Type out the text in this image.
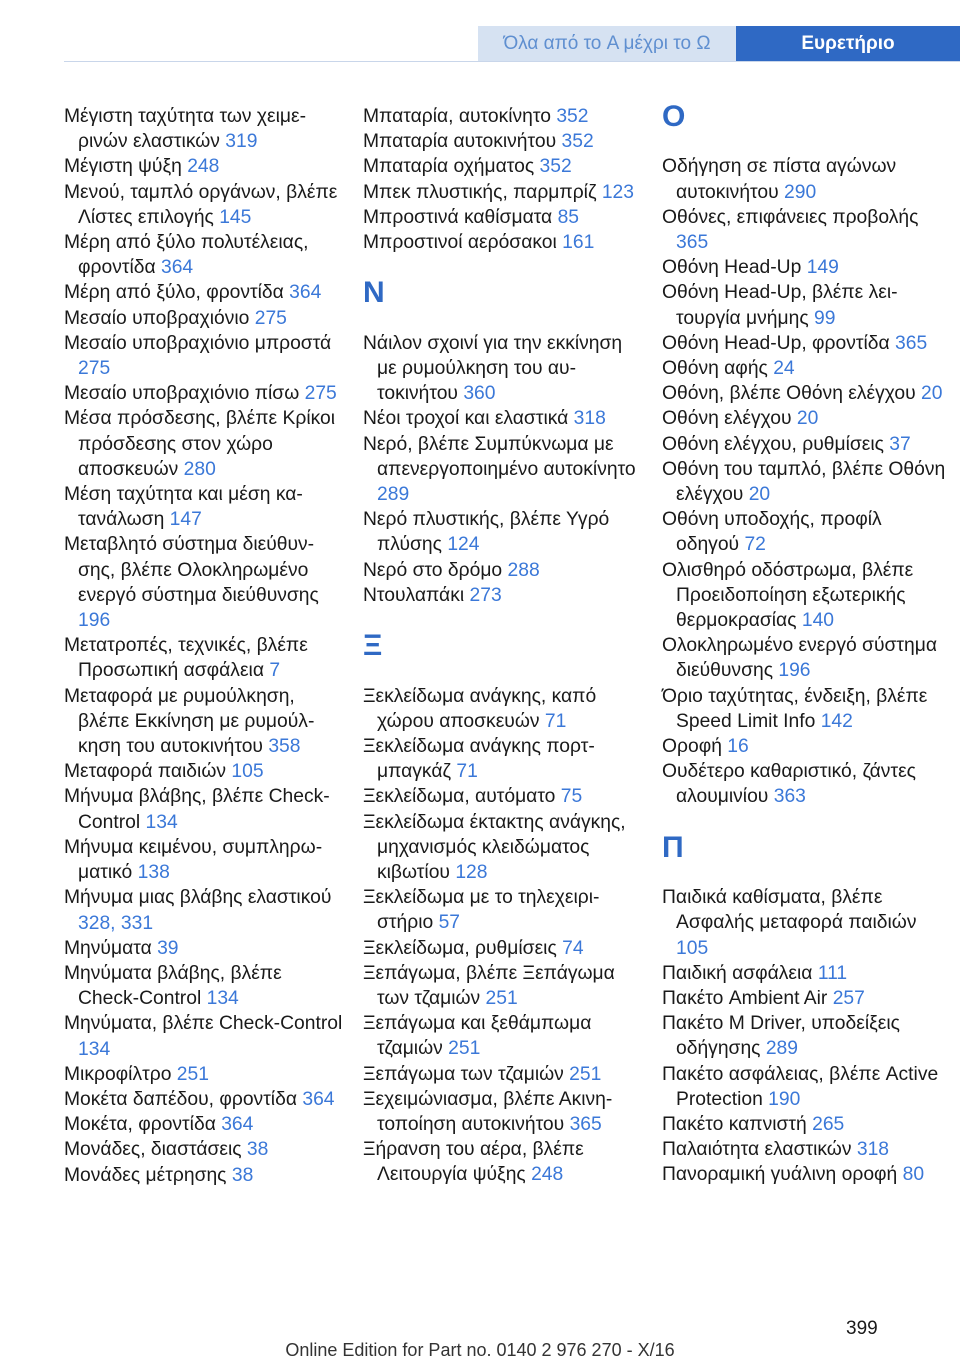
Όλα από το A μέχρι το Ω	Ευρετήριο
Μέγιστη ταχύτητα των χειμερινών ελαστικών 319
Μέγιστη ψύξη 248
Μενού, ταμπλό οργάνων, βλέπε Λίστες επιλογής 145
Μέρη από ξύλο πολυτέλειας, φροντίδα 364
Μέρη από ξύλο, φροντίδα 364
Μεσαίο υποβραχιόνιο 275
Μεσαίο υποβραχιόνιο μπροστά 275
Μεσαίο υποβραχιόνιο πίσω 275
Μέσα πρόσδεσης, βλέπε Κρίκοι πρόσδεσης στον χώρο αποσκευών 280
Μέση ταχύτητα και μέση κατανάλωση 147
Μεταβλητό σύστημα διεύθυνσης, βλέπε Ολοκληρωμένο ενεργό σύστημα διεύθυνσης 196
Μετατροπές, τεχνικές, βλέπε Προσωπική ασφάλεια 7
Μεταφορά με ρυμούλκηση, βλέπε Εκκίνηση με ρυμούλκηση του αυτοκινήτου 358
Μεταφορά παιδιών 105
Μήνυμα βλάβης, βλέπε Check-Control 134
Μήνυμα κειμένου, συμπληρωματικό 138
Μήνυμα μιας βλάβης ελαστικού 328, 331
Μηνύματα 39
Μηνύματα βλάβης, βλέπε Check-Control 134
Μηνύματα, βλέπε Check-Control 134
Μικροφίλτρο 251
Μοκέτα δαπέδου, φροντίδα 364
Μοκέτα, φροντίδα 364
Μονάδες, διαστάσεις 38
Μονάδες μέτρησης 38
Μπαταρία, αυτοκίνητο 352
Μπαταρία αυτοκινήτου 352
Μπαταρία οχήματος 352
Μπεκ πλυστικής, παρμπρίζ 123
Μπροστινά καθίσματα 85
Μπροστινοί αερόσακοι 161
Ν
Νάιλον σχοινί για την εκκίνηση με ρυμούλκηση του αυτοκινήτου 360
Νέοι τροχοί και ελαστικά 318
Νερό, βλέπε Συμπύκνωμα με απενεργοποιημένο αυτοκίνητο 289
Νερό πλυστικής, βλέπε Υγρό πλύσης 124
Νερό στο δρόμο 288
Ντουλαπάκι 273
Ξ
Ξεκλείδωμα ανάγκης, καπό χώρου αποσκευών 71
Ξεκλείδωμα ανάγκης πορτμπαγκάζ 71
Ξεκλείδωμα, αυτόματο 75
Ξεκλείδωμα έκτακτης ανάγκης, μηχανισμός κλειδώματος κιβωτίου 128
Ξεκλείδωμα με το τηλεχειριστήριο 57
Ξεκλείδωμα, ρυθμίσεις 74
Ξεπάγωμα, βλέπε Ξεπάγωμα των τζαμιών 251
Ξεπάγωμα και ξεθάμπωμα τζαμιών 251
Ξεπάγωμα των τζαμιών 251
Ξεχειμώνιασμα, βλέπε Ακινητοποίηση αυτοκινήτου 365
Ξήρανση του αέρα, βλέπε Λειτουργία ψύξης 248
Ο
Οδήγηση σε πίστα αγώνων αυτοκινήτου 290
Οθόνες, επιφάνειες προβολής 365
Οθόνη Head-Up 149
Οθόνη Head-Up, βλέπε λειτουργία μνήμης 99
Οθόνη Head-Up, φροντίδα 365
Οθόνη αφής 24
Οθόνη, βλέπε Οθόνη ελέγχου 20
Οθόνη ελέγχου 20
Οθόνη ελέγχου, ρυθμίσεις 37
Οθόνη του ταμπλό, βλέπε Οθόνη ελέγχου 20
Οθόνη υποδοχής, προφίλ οδηγού 72
Ολισθηρό οδόστρωμα, βλέπε Προειδοποίηση εξωτερικής θερμοκρασίας 140
Ολοκληρωμένο ενεργό σύστημα διεύθυνσης 196
Όριο ταχύτητας, ένδειξη, βλέπε Speed Limit Info 142
Οροφή 16
Ουδέτερο καθαριστικό, ζάντες αλουμινίου 363
Π
Παιδικά καθίσματα, βλέπε Ασφαλής μεταφορά παιδιών 105
Παιδική ασφάλεια 111
Πακέτο Ambient Air 257
Πακέτο M Driver, υποδείξεις οδήγησης 289
Πακέτο ασφάλειας, βλέπε Active Protection 190
Πακέτο καπνιστή 265
Παλαιότητα ελαστικών 318
Πανοραμική γυάλινη οροφή 80
399
Online Edition for Part no. 0140 2 976 270 - X/16
